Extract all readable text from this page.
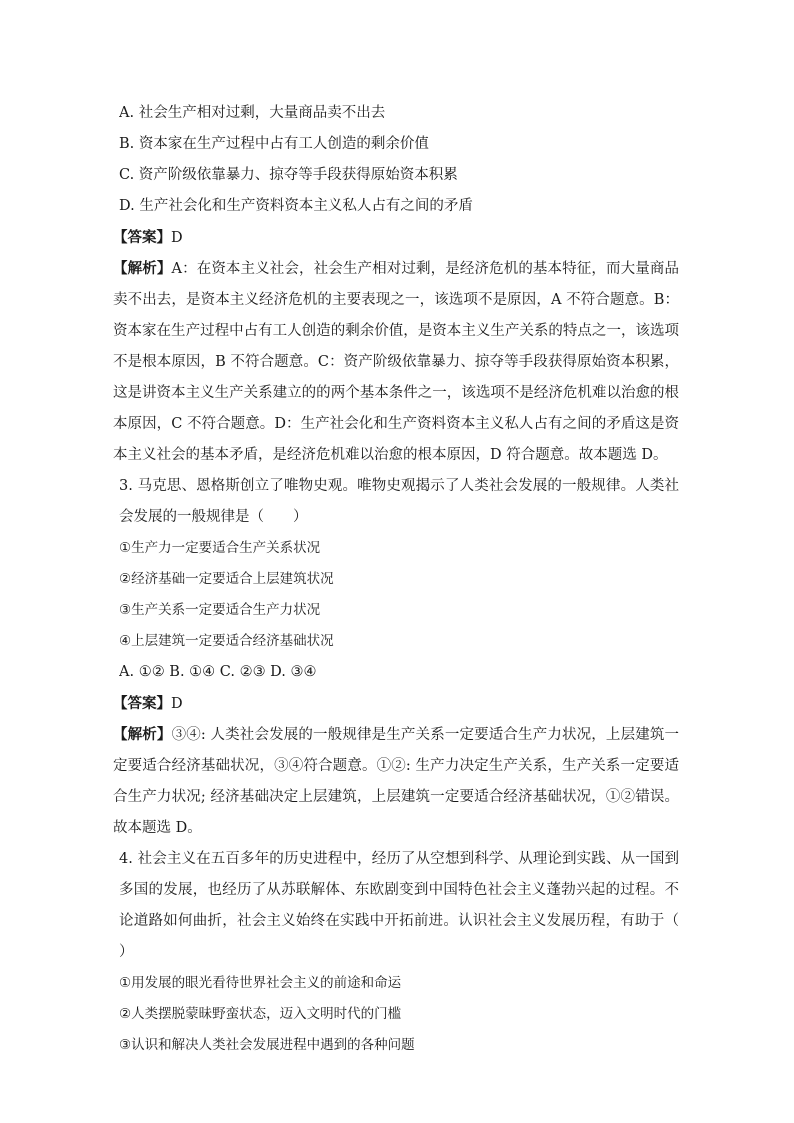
A. 社会生产相对过剩，大量商品卖不出去
B. 资本家在生产过程中占有工人创造的剩余价值
C. 资产阶级依靠暴力、掠夺等手段获得原始资本积累
D. 生产社会化和生产资料资本主义私人占有之间的矛盾
【答案】D
【解析】A：在资本主义社会，社会生产相对过剩，是经济危机的基本特征，而大量商品卖不出去，是资本主义经济危机的主要表现之一，该选项不是原因，A 不符合题意。B：资本家在生产过程中占有工人创造的剩余价值，是资本主义生产关系的特点之一，该选项不是根本原因，B 不符合题意。C：资产阶级依靠暴力、掠夺等手段获得原始资本积累，这是讲资本主义生产关系建立的的两个基本条件之一，该选项不是经济危机难以治愈的根本原因，C 不符合题意。D：生产社会化和生产资料资本主义私人占有之间的矛盾这是资本主义社会的基本矛盾，是经济危机难以治愈的根本原因，D 符合题意。故本题选 D。
3. 马克思、恩格斯创立了唯物史观。唯物史观揭示了人类社会发展的一般规律。人类社会发展的一般规律是（　　）
①生产力一定要适合生产关系状况
②经济基础一定要适合上层建筑状况
③生产关系一定要适合生产力状况
④上层建筑一定要适合经济基础状况
A. ①② B. ①④ C. ②③ D. ③④
【答案】D
【解析】③④: 人类社会发展的一般规律是生产关系一定要适合生产力状况，上层建筑一定要适合经济基础状况，③④符合题意。①②: 生产力决定生产关系，生产关系一定要适合生产力状况; 经济基础决定上层建筑，上层建筑一定要适合经济基础状况，①②错误。故本题选 D。
4. 社会主义在五百多年的历史进程中，经历了从空想到科学、从理论到实践、从一国到多国的发展，也经历了从苏联解体、东欧剧变到中国特色社会主义蓬勃兴起的过程。不论道路如何曲折，社会主义始终在实践中开拓前进。认识社会主义发展历程，有助于（　　）
①用发展的眼光看待世界社会主义的前途和命运
②人类摆脱蒙昧野蛮状态，迈入文明时代的门槛
③认识和解决人类社会发展进程中遇到的各种问题
